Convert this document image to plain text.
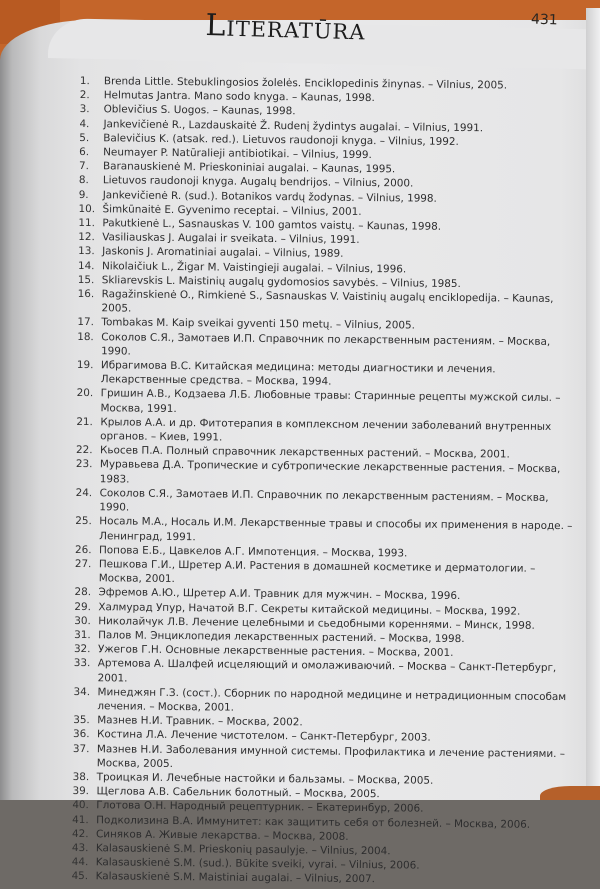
Literatūra	431
1.	Brenda Little. Stebuklingosios žolelės. Enciklopedinis žinynas. – Vilnius, 2005.
2.	Helmutas Jantra. Mano sodo knyga. – Kaunas, 1998.
3.	Oblevičius S. Uogos. – Kaunas, 1998.
4.	Jankevičienė R., Lazdauskaitė Ž. Rudenį žydintys augalai. – Vilnius, 1991.
5.	Balevičius K. (atsak. red.). Lietuvos raudonoji knyga. – Vilnius, 1992.
6.	Neumayer P. Natūralieji antibiotikai. – Vilnius, 1999.
7.	Baranauskienė M. Prieskoniniai augalai. – Kaunas, 1995.
8.	Lietuvos raudonoji knyga. Augalų bendrijos. – Vilnius, 2000.
9.	Jankevičienė R. (sud.). Botanikos vardų žodynas. – Vilnius, 1998.
10. Šimkūnaitė E. Gyvenimo receptai. – Vilnius, 2001.
11. Pakutkienė L., Sasnauskas V. 100 gamtos vaistų. – Kaunas, 1998.
12. Vasiliauskas J. Augalai ir sveikata. – Vilnius, 1991.
13. Jaskonis J. Aromatiniai augalai. – Vilnius, 1989.
14. Nikolaičiuk L., Žigar M. Vaistingieji augalai. – Vilnius, 1996.
15. Skliarevskis L. Maistinių augalų gydomosios savybės. – Vilnius, 1985.
16. Ragažinskienė O., Rimkienė S., Sasnauskas V. Vaistinių augalų enciklopedija. – Kaunas, 2005.
17. Tombakas M. Kaip sveikai gyventi 150 metų. – Vilnius, 2005.
18. Соколов С.Я., Замотаев И.П. Справочник по лекарственным растениям. – Москва, 1990.
19. Ибрагимова В.С. Китайская медицина: методы диагностики и лечения. Лекарственные средства. – Москва, 1994.
20. Гришин А.В., Кодзаева Л.Б. Любовные травы: Старинные рецепты мужской силы. – Москва, 1991.
21. Крылов А.А. и др. Фитотерапия в комплексном лечении заболеваний внутренных органов. – Киев, 1991.
22. Кьосев П.А. Полный справочник лекарственных растений. – Москва, 2001.
23. Муравьева Д.А. Тропические и субтропические лекарственные растения. – Москва, 1983.
24. Соколов С.Я., Замотаев И.П. Справочник по лекарственным растениям. – Москва, 1990.
25. Носаль М.А., Носаль И.М. Лекарственные травы и способы их применения в народе. – Ленинград, 1991.
26. Попова Е.Б., Цавкелов А.Г. Импотенция. – Москва, 1993.
27. Пешкова Г.И., Шретер А.И. Растения в домашней косметике и дерматологии. – Москва, 2001.
28. Эфремов А.Ю., Шретер А.И. Травник для мужчин. – Москва, 1996.
29. Халмурад Упур, Начатой В.Г. Секреты китайской медицины. – Москва, 1992.
30. Николайчук Л.В. Лечение целебными и сьедобными кореннями. – Минск, 1998.
31. Палов М. Энциклопедия лекарственных растений. – Москва, 1998.
32. Ужегов Г.Н. Основные лекарственные растения. – Москва, 2001.
33. Артемова А. Шалфей исцеляющий и омолаживаючий. – Москва – Санкт-Петербург, 2001.
34. Минеджян Г.З. (сост.). Сборник по народной медицине и нетрадиционным способам лечения. – Москва, 2001.
35. Мазнев Н.И. Травник. – Москва, 2002.
36. Костина Л.А. Лечение чистотелом. – Санкт-Петербург, 2003.
37. Мазнев Н.И. Заболевания имунной системы. Профилактика и лечение растениями. – Москва, 2005.
38. Троицкая И. Лечебные настойки и бальзамы. – Москва, 2005.
39. Щеглова А.В. Сабельник болотный. – Москва, 2005.
40. Глотова О.Н. Народный рецептурник. – Екатеринбур, 2006.
41. Подколизина В.А. Иммунитет: как защитить себя от болезней. – Москва, 2006.
42. Синяков А. Живые лекарства. – Москва, 2008.
43. Kalasauskienė S.M. Prieskonių pasaulyje. – Vilnius, 2004.
44. Kalasauskienė S.M. (sud.). Būkite sveiki, vyrai. – Vilnius, 2006.
45. Kalasauskienė S.M. Maistiniai augalai. – Vilnius, 2007.
